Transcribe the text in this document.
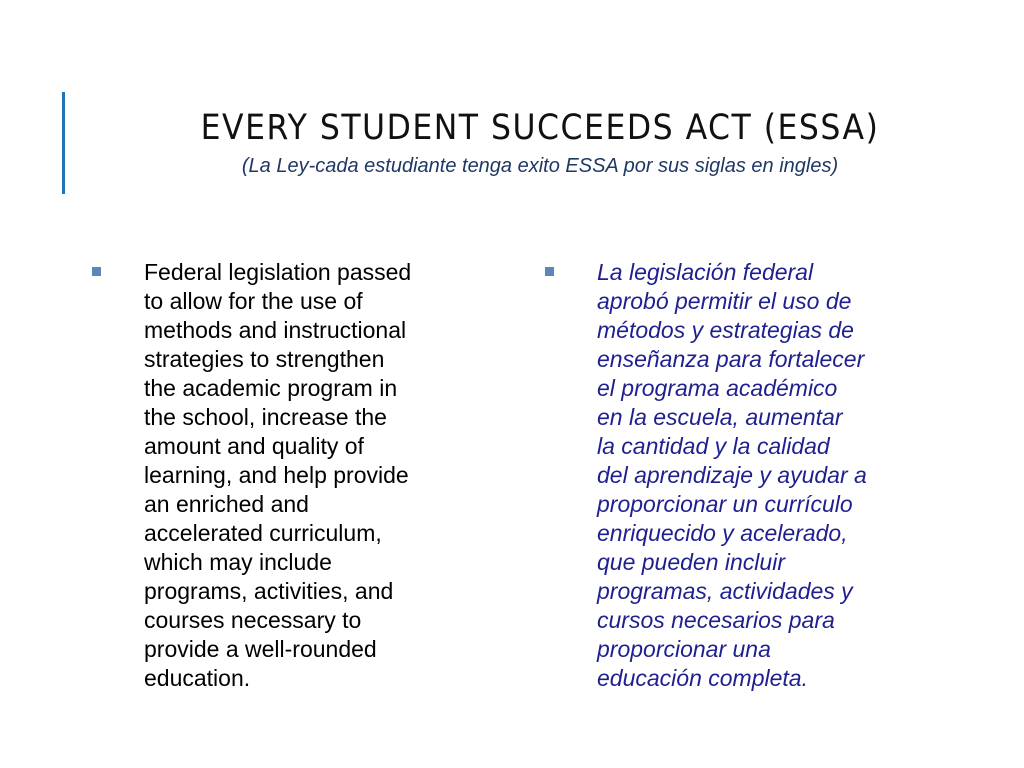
EVERY STUDENT SUCCEEDS ACT (ESSA)

(La Ley-cada estudiante tenga exito ESSA por sus siglas en ingles)

Federal legislation passed
to allow for the use of
methods and instructional
strategies to strengthen
the academic program in
the school, increase the
amount and quality of
learning, and help provide
an enriched and
accelerated curriculum,
which may include
programs, activities, and
courses necessary to
provide a well-rounded
education.

La legislación federal
aprobó permitir el uso de
métodos y estrategias de
enseñanza para fortalecer
el programa académico
en la escuela, aumentar
la cantidad y la calidad
del aprendizaje y ayudar a
proporcionar un currículo
enriquecido y acelerado,
que pueden incluir
programas, actividades y
cursos necesarios para
proporcionar una
educación completa.
